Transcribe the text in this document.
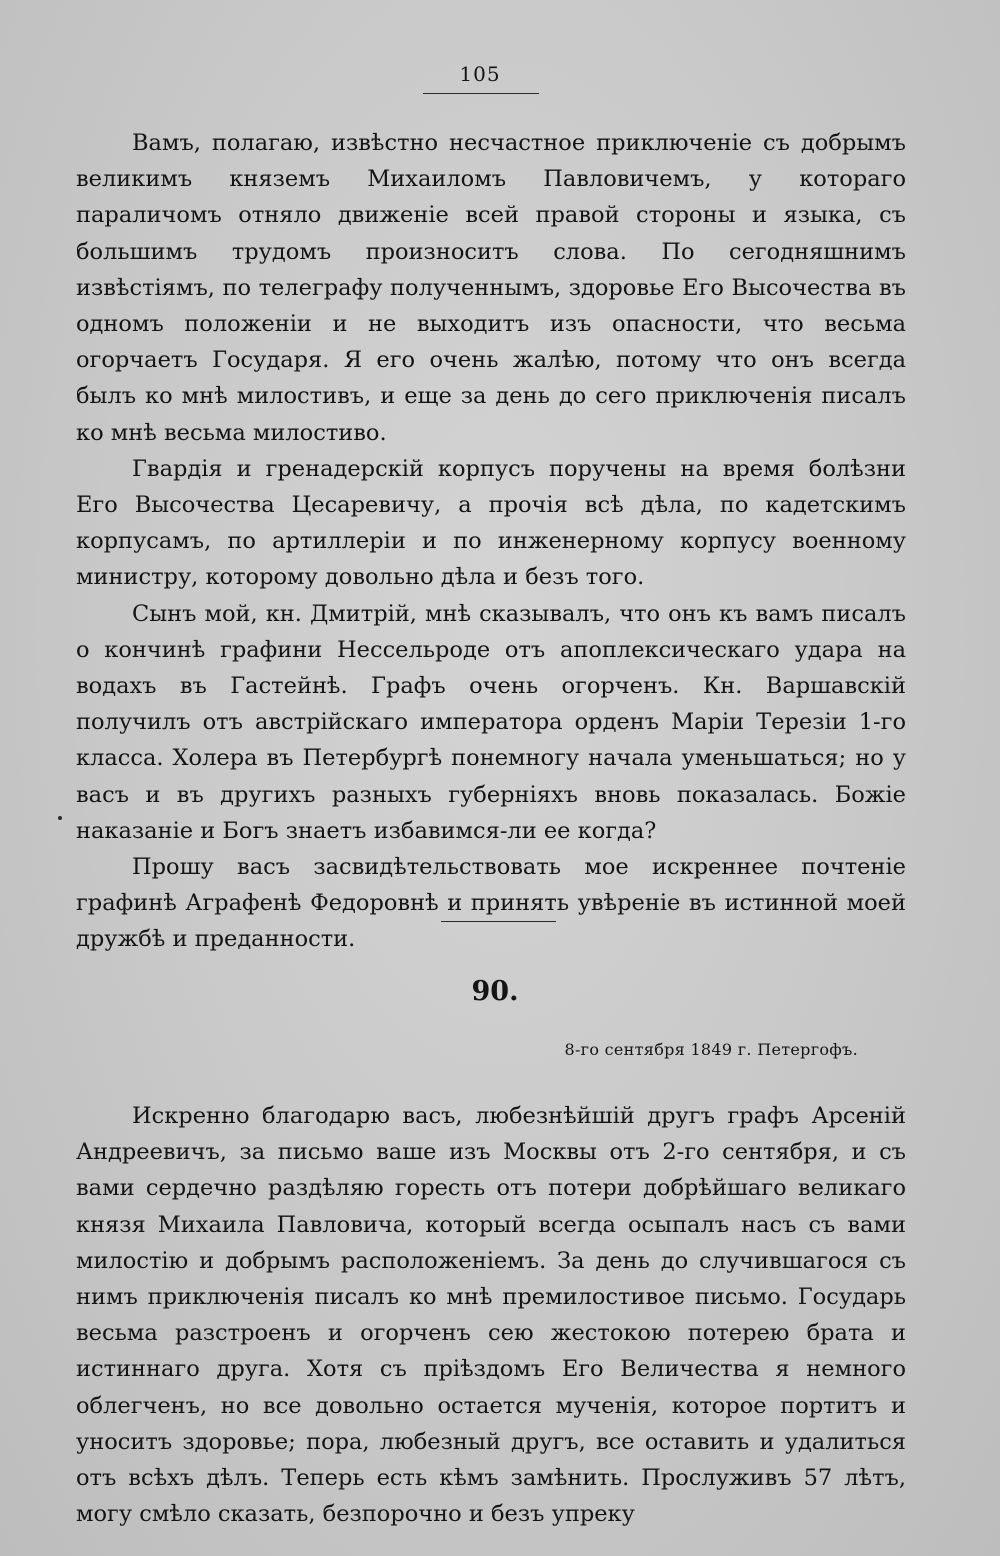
105

Вамъ, полагаю, извѣстно несчастное приключеніе съ добрымъ великимъ княземъ Михаиломъ Павловичемъ, у котораго параличомъ отняло движеніе всей правой стороны и языка, съ большимъ трудомъ произноситъ слова. По сегодняшнимъ извѣстіямъ, по телеграфу полученнымъ, здоровье Его Высочества въ одномъ положеніи и не выходитъ изъ опасности, что весьма огорчаетъ Государя. Я его очень жалѣю, потому что онъ всегда былъ ко мнѣ милостивъ, и еще за день до сего приключенія писалъ ко мнѣ весьма милостиво.

Гвардія и гренадерскій корпусъ поручены на время болѣзни Его Высочества Цесаревичу, а прочія всѣ дѣла, по кадетскимъ корпусамъ, по артиллеріи и по инженерному корпусу военному министру, которому довольно дѣла и безъ того.

Сынъ мой, кн. Дмитрій, мнѣ сказывалъ, что онъ къ вамъ писалъ о кончинѣ графини Нессельроде отъ апоплексическаго удара на водахъ въ Гастейнѣ. Графъ очень огорченъ. Кн. Варшавскій получилъ отъ австрійскаго императора орденъ Маріи Терезіи 1-го класса. Холера въ Петербургѣ понемногу начала уменьшаться; но у васъ и въ другихъ разныхъ губерніяхъ вновь показалась. Божіе наказаніе и Богъ знаетъ избавимся-ли ее когда?

Прошу васъ засвидѣтельствовать мое искреннее почтеніе графинѣ Аграфенѣ Федоровнѣ и принять увѣреніе въ истинной моей дружбѣ и преданности.

90.
8-го сентября 1849 г. Петергофъ.

Искренно благодарю васъ, любезнѣйшій другъ графъ Арсеній Андреевичъ, за письмо ваше изъ Москвы отъ 2-го сентября, и съ вами сердечно раздѣляю горесть отъ потери добрѣйшаго великаго князя Михаила Павловича, который всегда осыпалъ насъ съ вами милостію и добрымъ расположеніемъ. За день до случившагося съ нимъ приключенія писалъ ко мнѣ премилостивое письмо. Государь весьма разстроенъ и огорченъ сею жестокою потерею брата и истиннаго друга. Хотя съ пріѣздомъ Его Величества я немного облегченъ, но все довольно остается мученія, которое портитъ и уноситъ здоровье; пора, любезный другъ, все оставить и удалиться отъ всѣхъ дѣлъ. Теперь есть кѣмъ замѣнить. Прослуживъ 57 лѣтъ, могу смѣло сказать, безпорочно и безъ упреку
